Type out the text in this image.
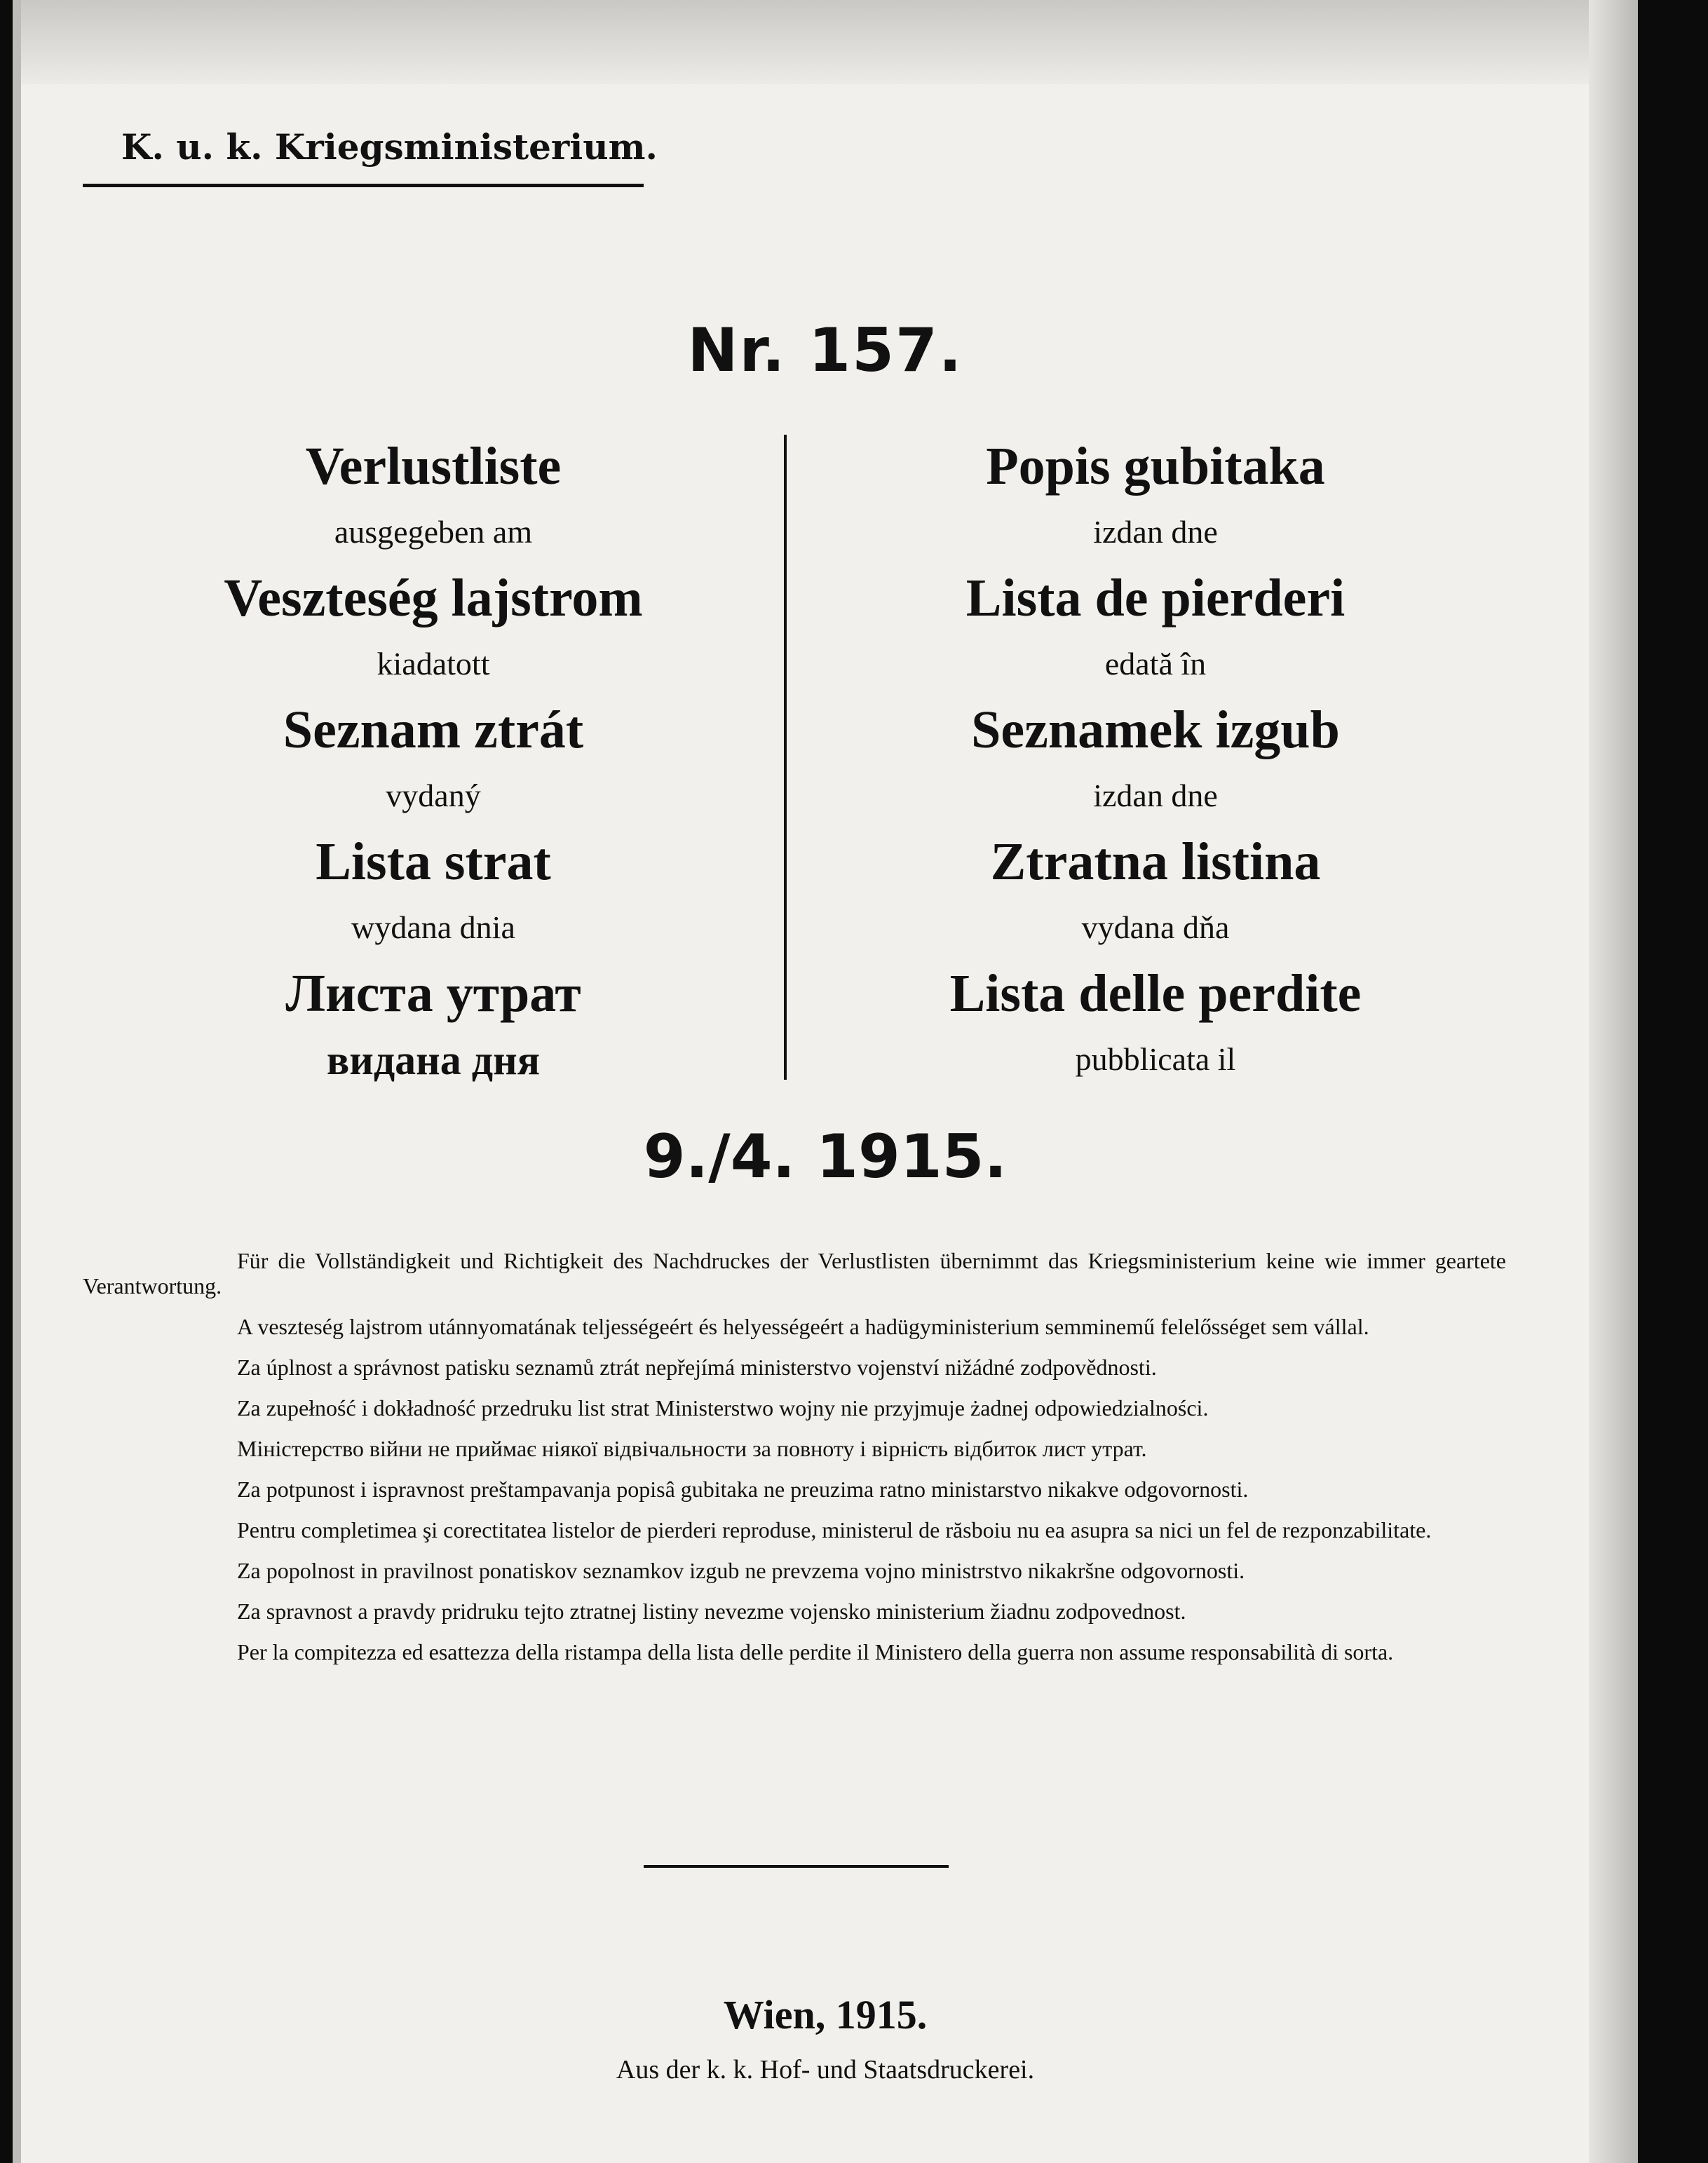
K. u. k. Kriegsministerium.
Nr. 157.

Verlustliste

ausgegeben am

Veszteség lajstrom

kiadatott

Seznam ztrát

vydaný

Lista strat

wydana dnia

Листа утрат

видана дня

Popis gubitaka

izdan dne

Lista de pierderi

edată în

Seznamek izgub

izdan dne

Ztratna listina

vydana dňa

Lista delle perdite

pubblicata il

9./4. 1915.

Für die Vollständigkeit und Richtigkeit des Nachdruckes der Verlustlisten übernimmt das Kriegsministerium keine wie immer geartete Verantwortung.

A veszteség lajstrom utánnyomatának teljességeért és helyességeért a hadügyministerium semminemű felelősséget sem vállal.

Za úplnost a správnost patisku seznamů ztrát nepřejímá ministerstvo vojenství nižádné zodpovědnosti.

Za zupełność i dokładność przedruku list strat Ministerstwo wojny nie przyjmuje żadnej odpowiedzialności.

Міністерство війни не приймає ніякої відвічальности за повноту і вірність відбиток лист утрат.

Za potpunost i ispravnost preštampavanja popisâ gubitaka ne preuzima ratno ministarstvo nikakve odgovornosti.

Pentru completimea şi corectitatea listelor de pierderi reproduse, ministerul de răsboiu nu ea asupra sa nici un fel de rezponzabilitate.

Za popolnost in pravilnost ponatiskov seznamkov izgub ne prevzema vojno ministrstvo nikakršne odgovornosti.

Za spravnost a pravdy pridruku tejto ztratnej listiny nevezme vojensko ministerium žiadnu zodpovednost.

Per la compitezza ed esattezza della ristampa della lista delle perdite il Ministero della guerra non assume responsabilità di sorta.

Wien, 1915.
Aus der k. k. Hof- und Staatsdruckerei.
